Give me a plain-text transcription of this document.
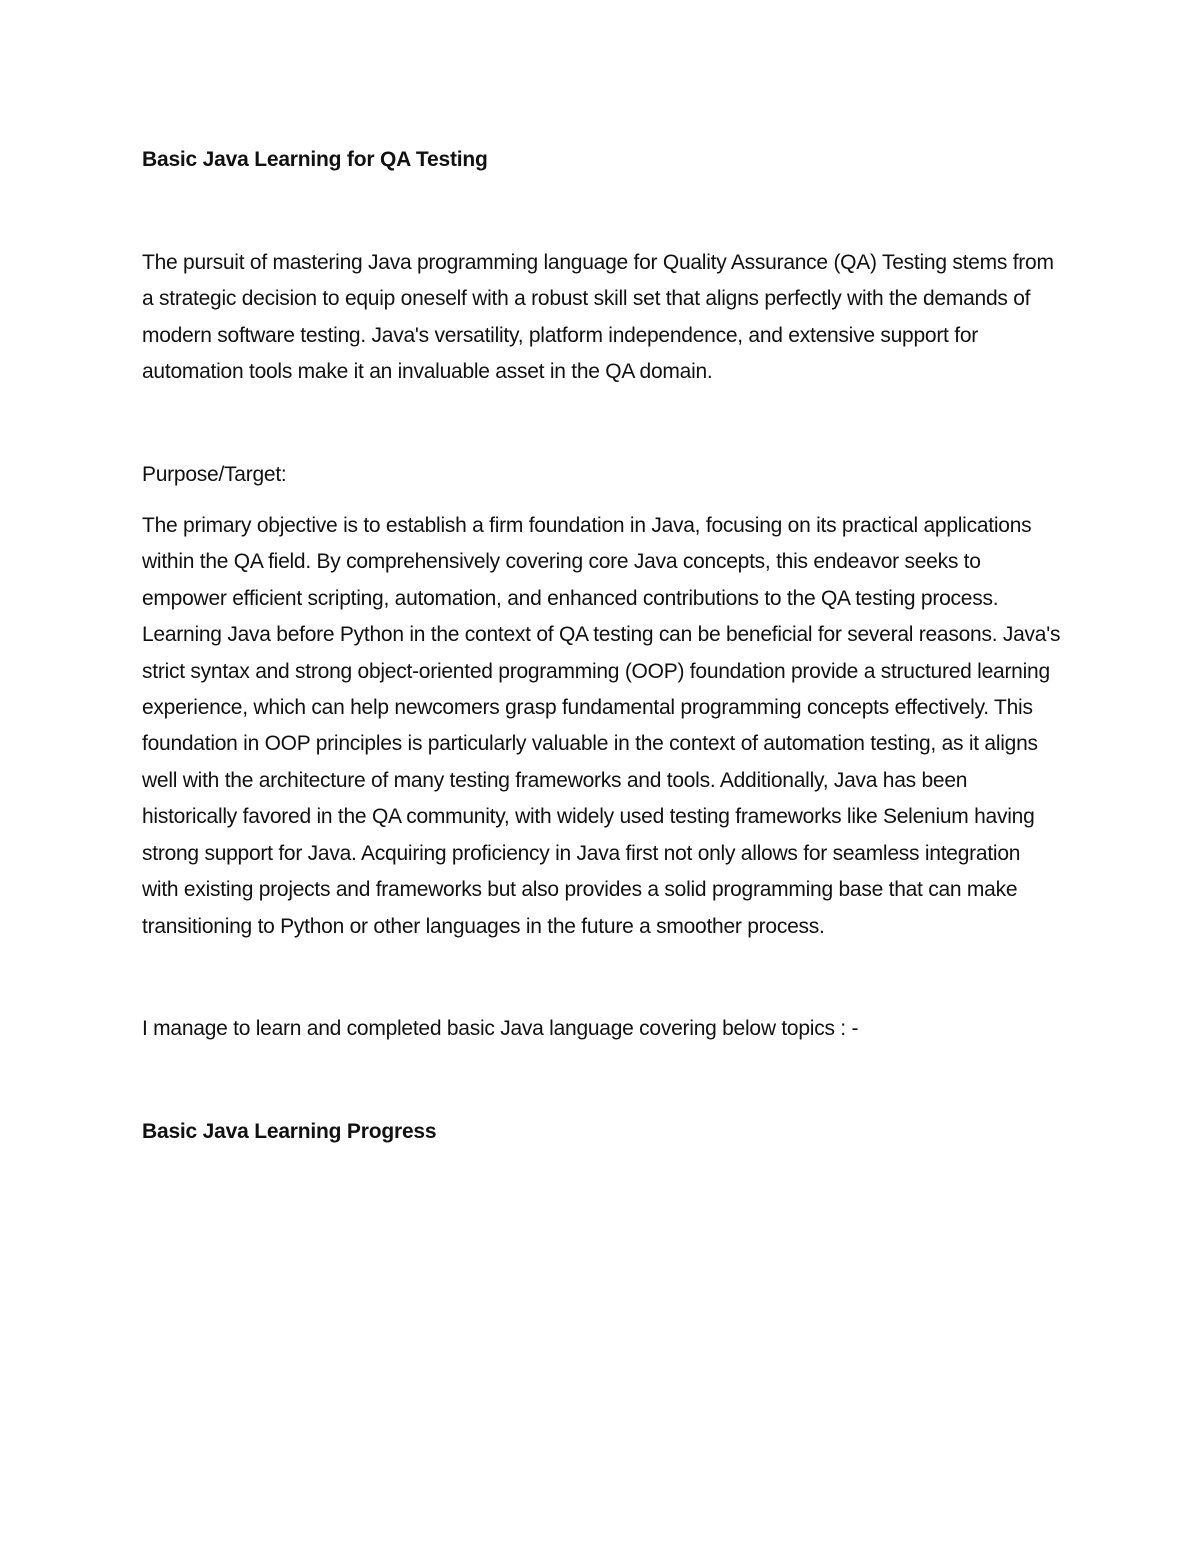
Basic Java Learning for QA Testing

The pursuit of mastering Java programming language for Quality Assurance (QA) Testing stems from a strategic decision to equip oneself with a robust skill set that aligns perfectly with the demands of modern software testing. Java's versatility, platform independence, and extensive support for automation tools make it an invaluable asset in the QA domain.

Purpose/Target:

The primary objective is to establish a firm foundation in Java, focusing on its practical applications within the QA field. By comprehensively covering core Java concepts, this endeavor seeks to empower efficient scripting, automation, and enhanced contributions to the QA testing process. Learning Java before Python in the context of QA testing can be beneficial for several reasons. Java's strict syntax and strong object-oriented programming (OOP) foundation provide a structured learning experience, which can help newcomers grasp fundamental programming concepts effectively. This foundation in OOP principles is particularly valuable in the context of automation testing, as it aligns well with the architecture of many testing frameworks and tools. Additionally, Java has been historically favored in the QA community, with widely used testing frameworks like Selenium having strong support for Java. Acquiring proficiency in Java first not only allows for seamless integration with existing projects and frameworks but also provides a solid programming base that can make transitioning to Python or other languages in the future a smoother process.

I manage to learn and completed basic Java language covering below topics : -

Basic Java Learning Progress
